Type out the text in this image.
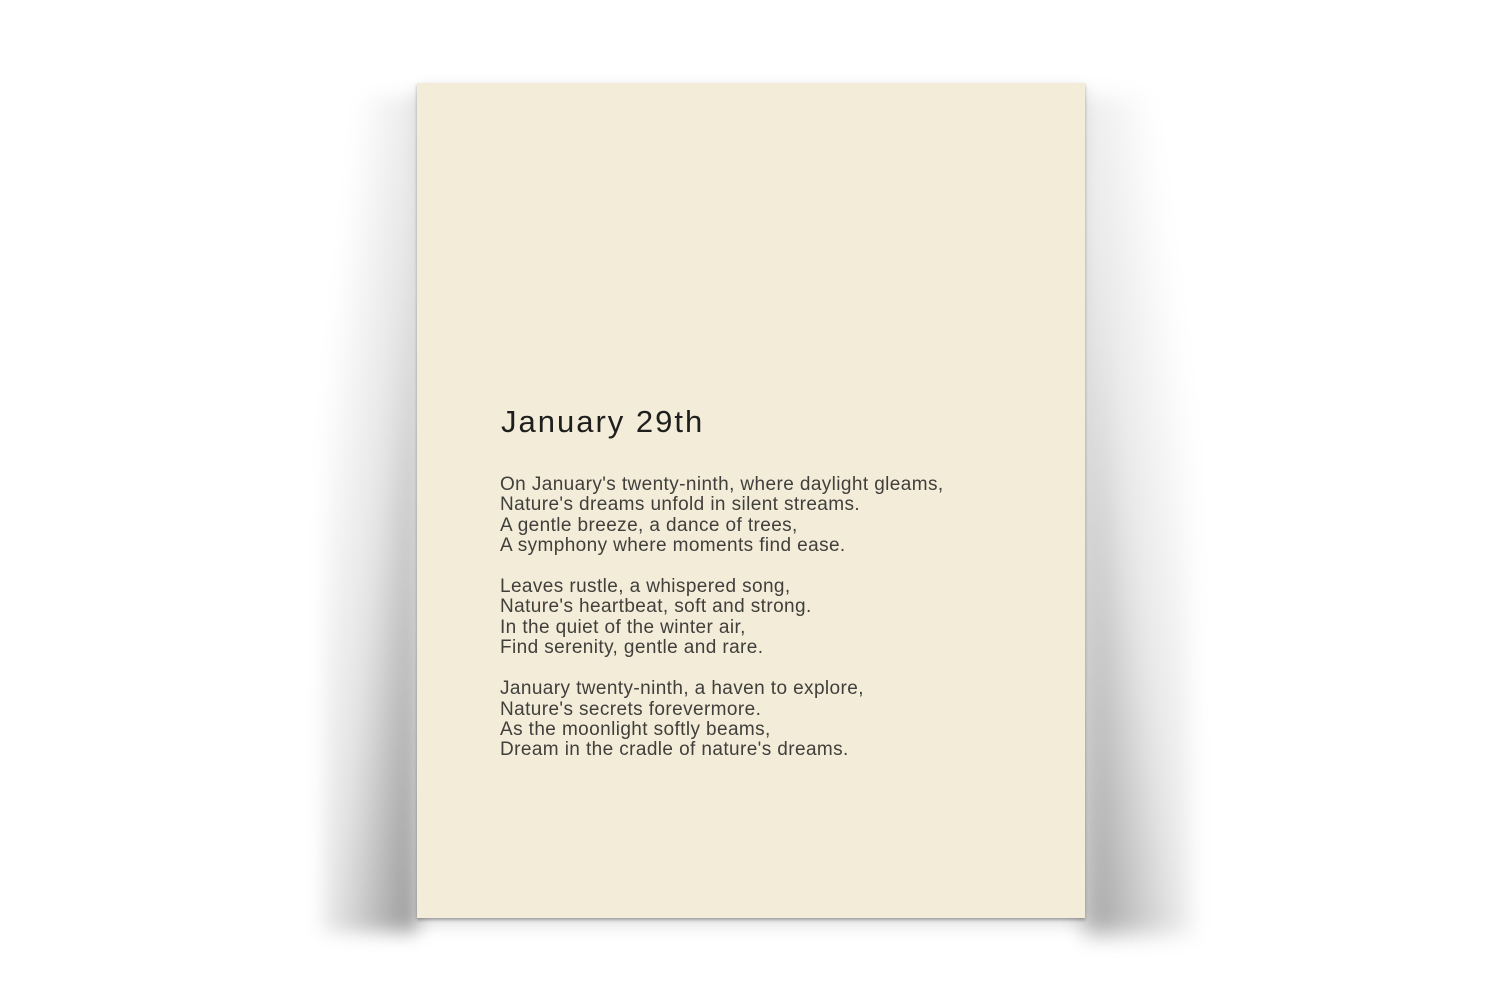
January 29th

On January's twenty-ninth, where daylight gleams,
Nature's dreams unfold in silent streams.
A gentle breeze, a dance of trees,
A symphony where moments find ease.

Leaves rustle, a whispered song,
Nature's heartbeat, soft and strong.
In the quiet of the winter air,
Find serenity, gentle and rare.

January twenty-ninth, a haven to explore,
Nature's secrets forevermore.
As the moonlight softly beams,
Dream in the cradle of nature's dreams.
